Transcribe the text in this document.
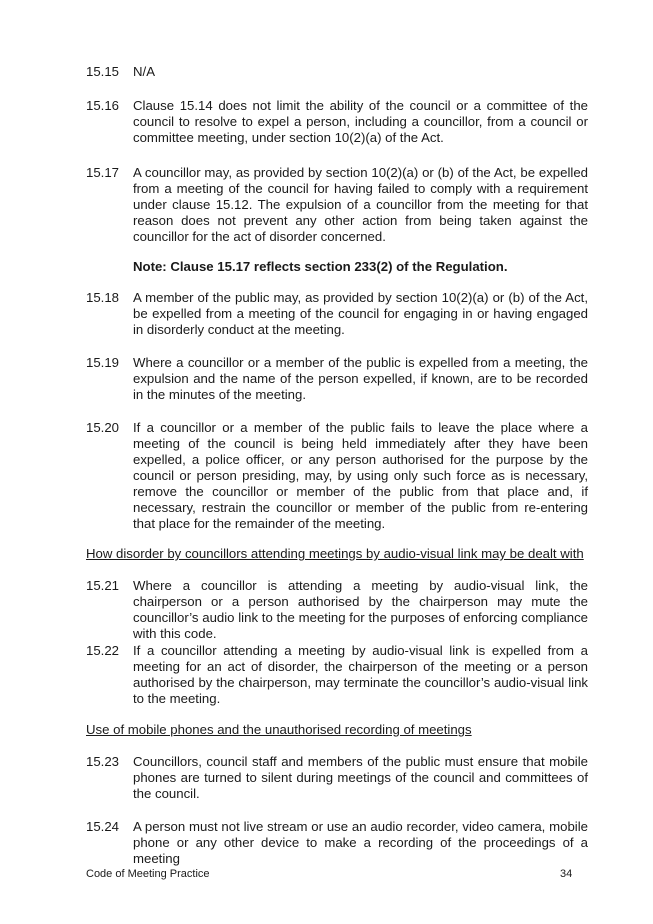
15.15	N/A
15.16	Clause 15.14 does not limit the ability of the council or a committee of the council to resolve to expel a person, including a councillor, from a council or committee meeting, under section 10(2)(a) of the Act.
15.17	A councillor may, as provided by section 10(2)(a) or (b) of the Act, be expelled from a meeting of the council for having failed to comply with a requirement under clause 15.12. The expulsion of a councillor from the meeting for that reason does not prevent any other action from being taken against the councillor for the act of disorder concerned.
Note: Clause 15.17 reflects section 233(2) of the Regulation.
15.18	A member of the public may, as provided by section 10(2)(a) or (b) of the Act, be expelled from a meeting of the council for engaging in or having engaged in disorderly conduct at the meeting.
15.19	Where a councillor or a member of the public is expelled from a meeting, the expulsion and the name of the person expelled, if known, are to be recorded in the minutes of the meeting.
15.20	If a councillor or a member of the public fails to leave the place where a meeting of the council is being held immediately after they have been expelled, a police officer, or any person authorised for the purpose by the council or person presiding, may, by using only such force as is necessary, remove the councillor or member of the public from that place and, if necessary, restrain the councillor or member of the public from re-entering that place for the remainder of the meeting.
How disorder by councillors attending meetings by audio-visual link may be dealt with
15.21	Where a councillor is attending a meeting by audio-visual link, the chairperson or a person authorised by the chairperson may mute the councillor’s audio link to the meeting for the purposes of enforcing compliance with this code.
15.22	If a councillor attending a meeting by audio-visual link is expelled from a meeting for an act of disorder, the chairperson of the meeting or a person authorised by the chairperson, may terminate the councillor’s audio-visual link to the meeting.
Use of mobile phones and the unauthorised recording of meetings
15.23	Councillors, council staff and members of the public must ensure that mobile phones are turned to silent during meetings of the council and committees of the council.
15.24	A person must not live stream or use an audio recorder, video camera, mobile phone or any other device to make a recording of the proceedings of a meeting
Code of Meeting Practice	34
